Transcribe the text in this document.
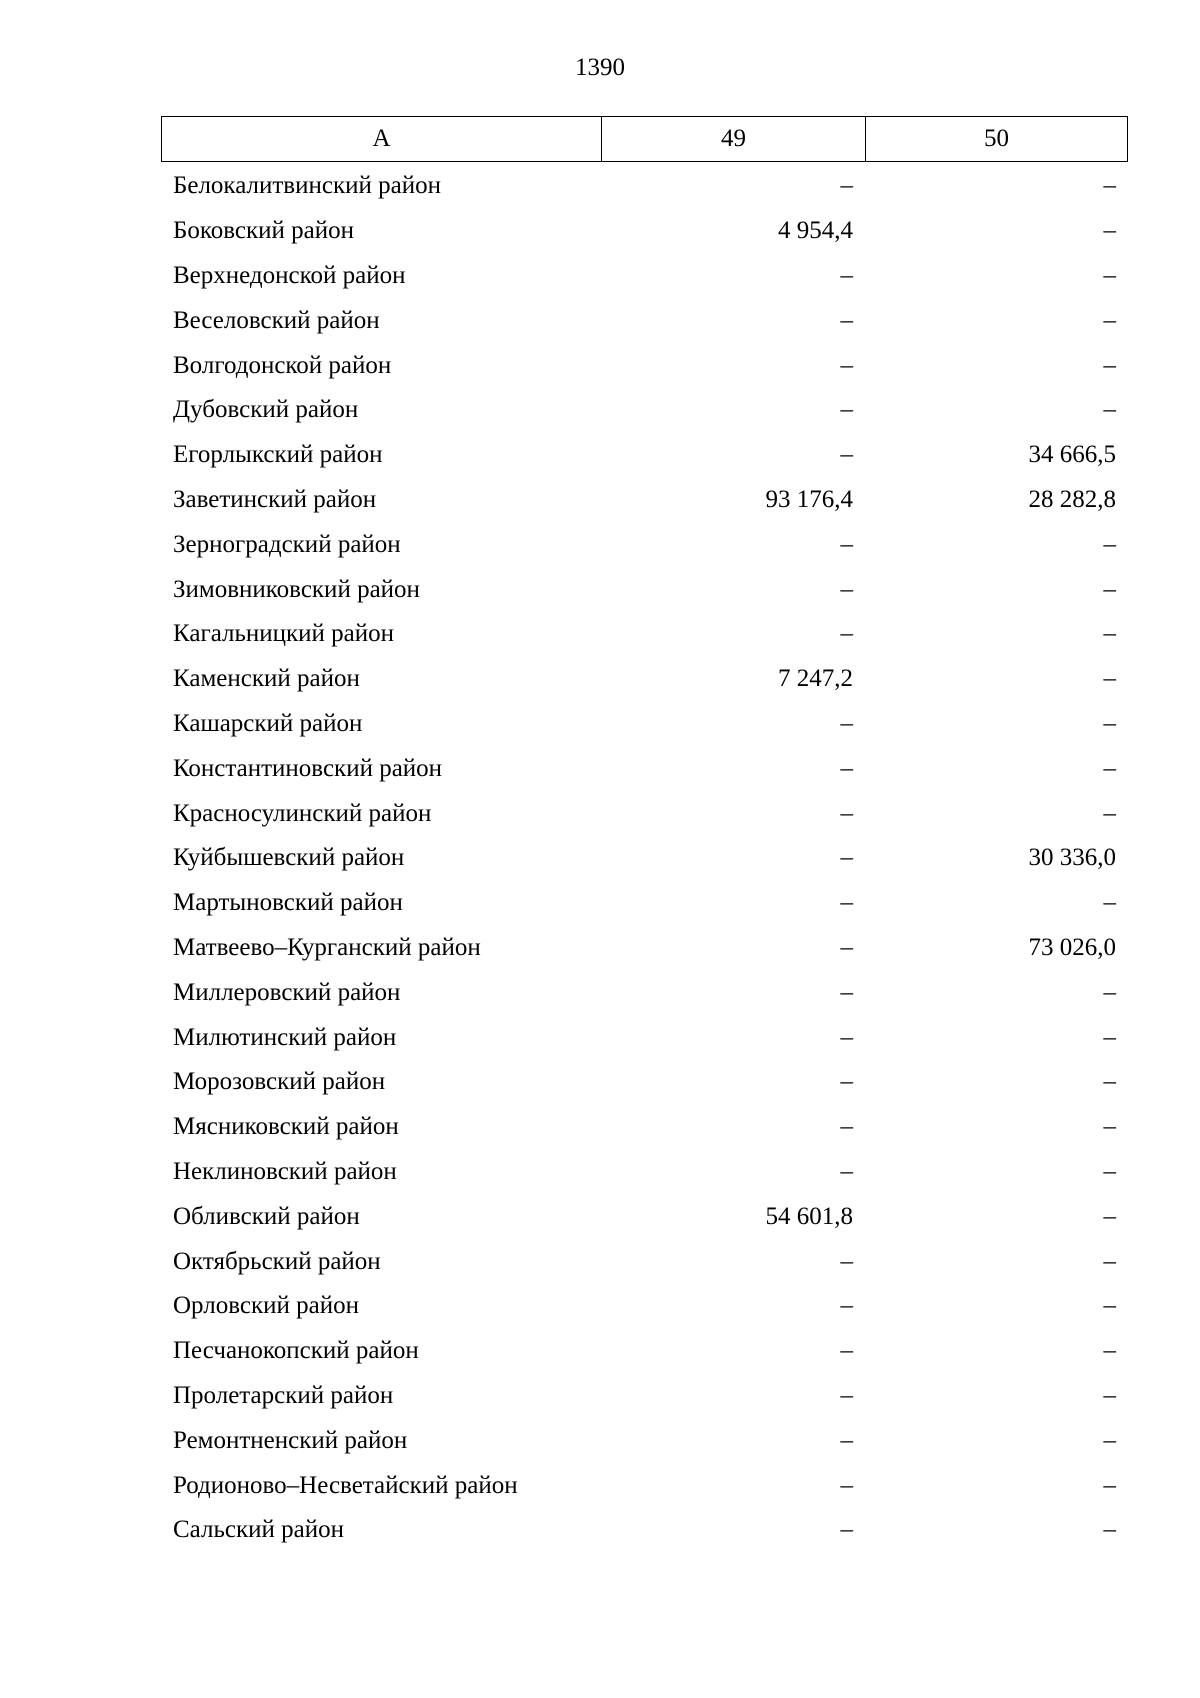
1390
А	49	50
Белокалитвинский район	–	–
Боковский район	4 954,4	–
Верхнедонской район	–	–
Веселовский район	–	–
Волгодонской район	–	–
Дубовский район	–	–
Егорлыкский район	–	34 666,5
Заветинский район	93 176,4	28 282,8
Зерноградский район	–	–
Зимовниковский район	–	–
Кагальницкий район	–	–
Каменский район	7 247,2	–
Кашарский район	–	–
Константиновский район	–	–
Красносулинский район	–	–
Куйбышевский район	–	30 336,0
Мартыновский район	–	–
Матвеево–Курганский район	–	73 026,0
Миллеровский район	–	–
Милютинский район	–	–
Морозовский район	–	–
Мясниковский район	–	–
Неклиновский район	–	–
Обливский район	54 601,8	–
Октябрьский район	–	–
Орловский район	–	–
Песчанокопский район	–	–
Пролетарский район	–	–
Ремонтненский район	–	–
Родионово–Несветайский район	–	–
Сальский район	–	–
